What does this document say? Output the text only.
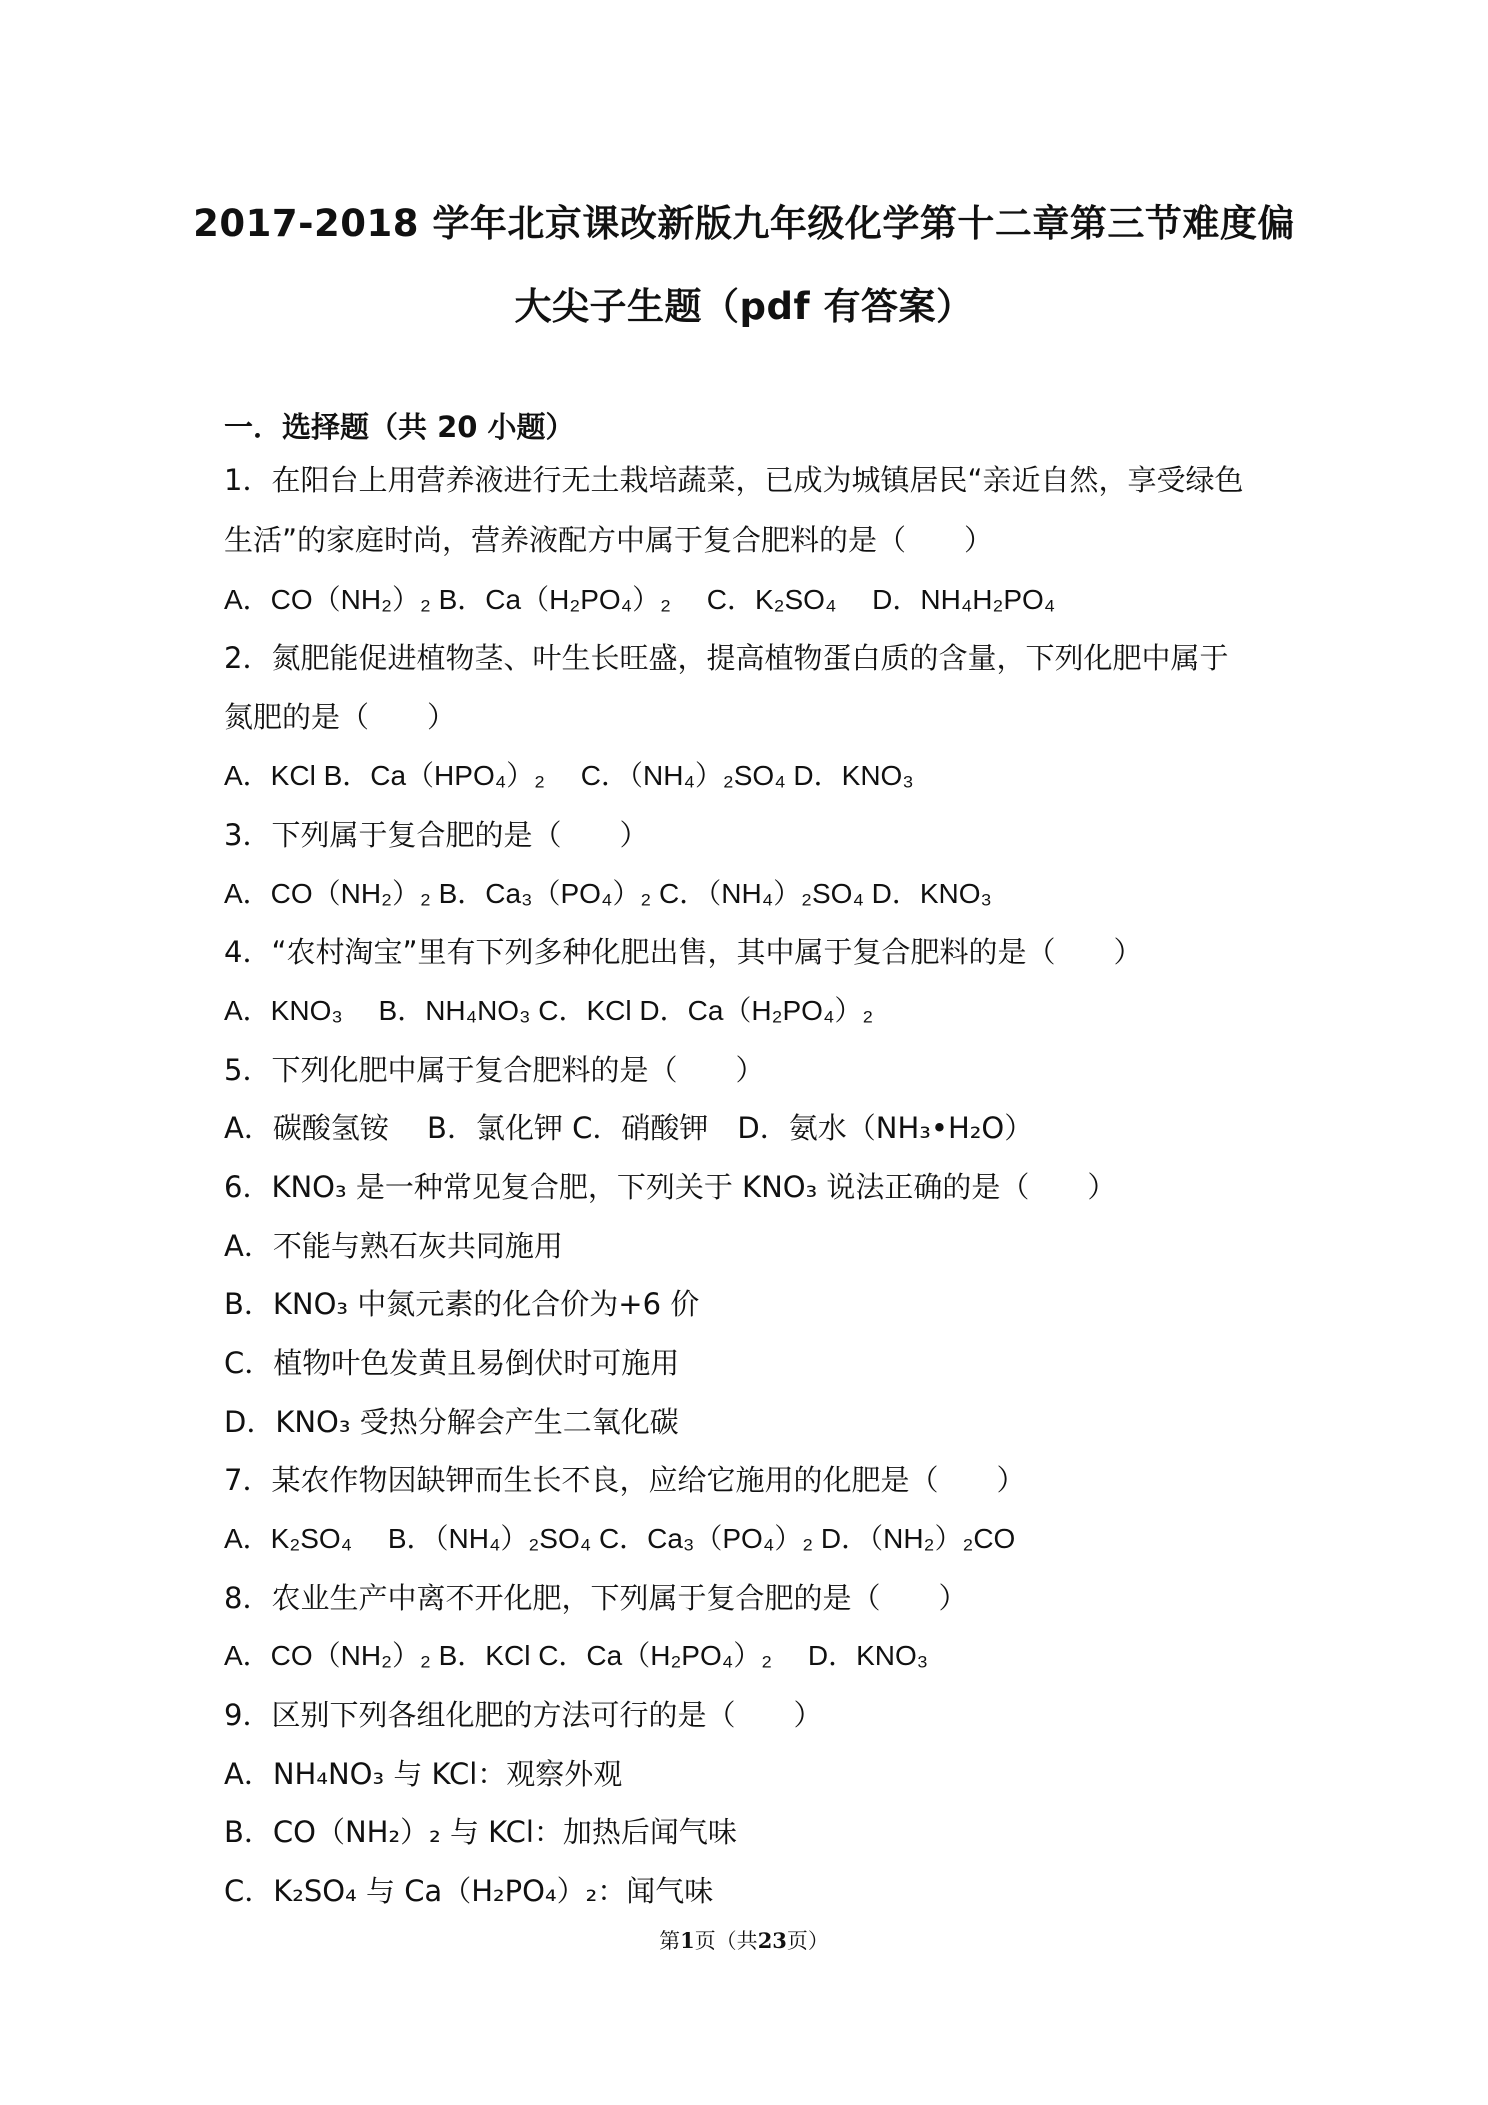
2017-2018 学年北京课改新版九年级化学第十二章第三节难度偏
大尖子生题（pdf 有答案）
一．选择题（共 20 小题）
1．在阳台上用营养液进行无土栽培蔬菜，已成为城镇居民“亲近自然，享受绿色
生活”的家庭时尚，营养液配方中属于复合肥料的是（　　）
A．CO（NH₂）₂ B．Ca（H₂PO₄）₂　 C．K₂SO₄　 D．NH₄H₂PO₄
2．氮肥能促进植物茎、叶生长旺盛，提高植物蛋白质的含量，下列化肥中属于
氮肥的是（　　）
A．KCl B．Ca（HPO₄）₂　 C．（NH₄）₂SO₄ D．KNO₃
3．下列属于复合肥的是（　　）
A．CO（NH₂）₂ B．Ca₃（PO₄）₂ C．（NH₄）₂SO₄ D．KNO₃
4．“农村淘宝”里有下列多种化肥出售，其中属于复合肥料的是（　　）
A．KNO₃　 B．NH₄NO₃ C．KCl D．Ca（H₂PO₄）₂
5．下列化肥中属于复合肥料的是（　　）
A．碳酸氢铵　 B．氯化钾 C．硝酸钾　D．氨水（NH₃•H₂O）
6．KNO₃ 是一种常见复合肥，下列关于 KNO₃ 说法正确的是（　　）
A．不能与熟石灰共同施用
B．KNO₃ 中氮元素的化合价为+6 价
C．植物叶色发黄且易倒伏时可施用
D．KNO₃ 受热分解会产生二氧化碳
7．某农作物因缺钾而生长不良，应给它施用的化肥是（　　）
A．K₂SO₄　 B．（NH₄）₂SO₄ C．Ca₃（PO₄）₂ D．（NH₂）₂CO
8．农业生产中离不开化肥，下列属于复合肥的是（　　）
A．CO（NH₂）₂ B．KCl C．Ca（H₂PO₄）₂　 D．KNO₃
9．区别下列各组化肥的方法可行的是（　　）
A．NH₄NO₃ 与 KCl：观察外观
B．CO（NH₂）₂ 与 KCl：加热后闻气味
C．K₂SO₄ 与 Ca（H₂PO₄）₂：闻气味
第1页（共23页）
